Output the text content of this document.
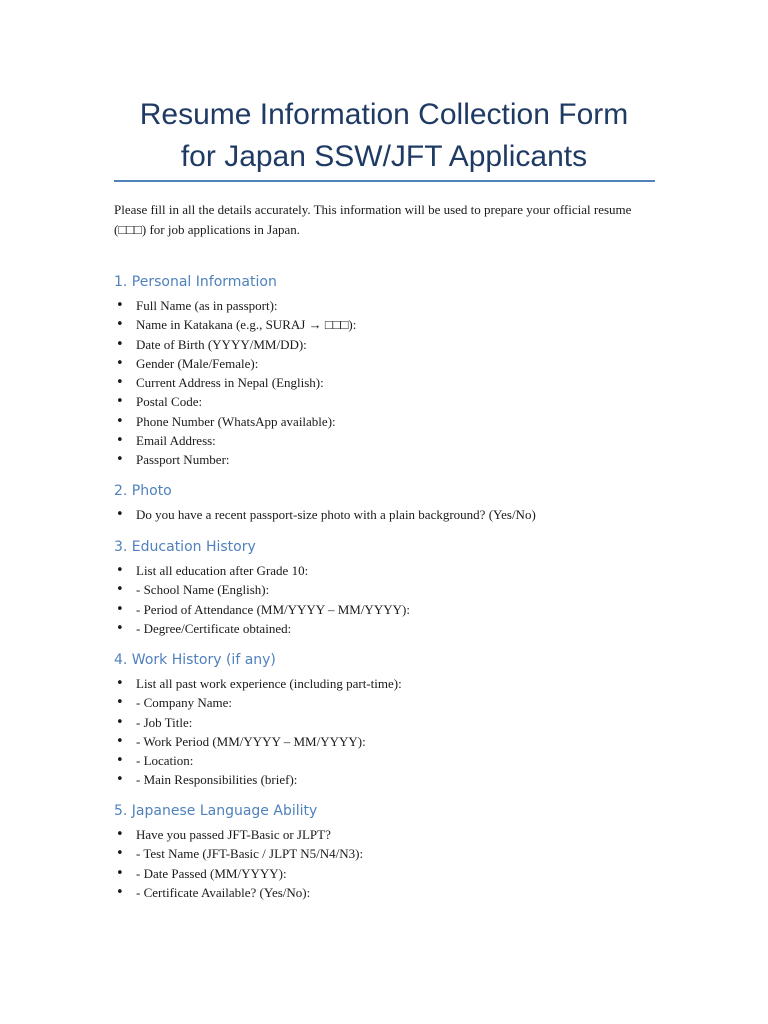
Resume Information Collection Form
for Japan SSW/JFT Applicants

Please fill in all the details accurately. This information will be used to prepare your official resume (□□□) for job applications in Japan.

1. Personal Information
• Full Name (as in passport):
• Name in Katakana (e.g., SURAJ → □□□):
• Date of Birth (YYYY/MM/DD):
• Gender (Male/Female):
• Current Address in Nepal (English):
• Postal Code:
• Phone Number (WhatsApp available):
• Email Address:
• Passport Number:
2. Photo
• Do you have a recent passport-size photo with a plain background? (Yes/No)
3. Education History
• List all education after Grade 10:
• - School Name (English):
• - Period of Attendance (MM/YYYY – MM/YYYY):
• - Degree/Certificate obtained:
4. Work History (if any)
• List all past work experience (including part-time):
• - Company Name:
• - Job Title:
• - Work Period (MM/YYYY – MM/YYYY):
• - Location:
• - Main Responsibilities (brief):
5. Japanese Language Ability
• Have you passed JFT-Basic or JLPT?
• - Test Name (JFT-Basic / JLPT N5/N4/N3):
• - Date Passed (MM/YYYY):
• - Certificate Available? (Yes/No):
